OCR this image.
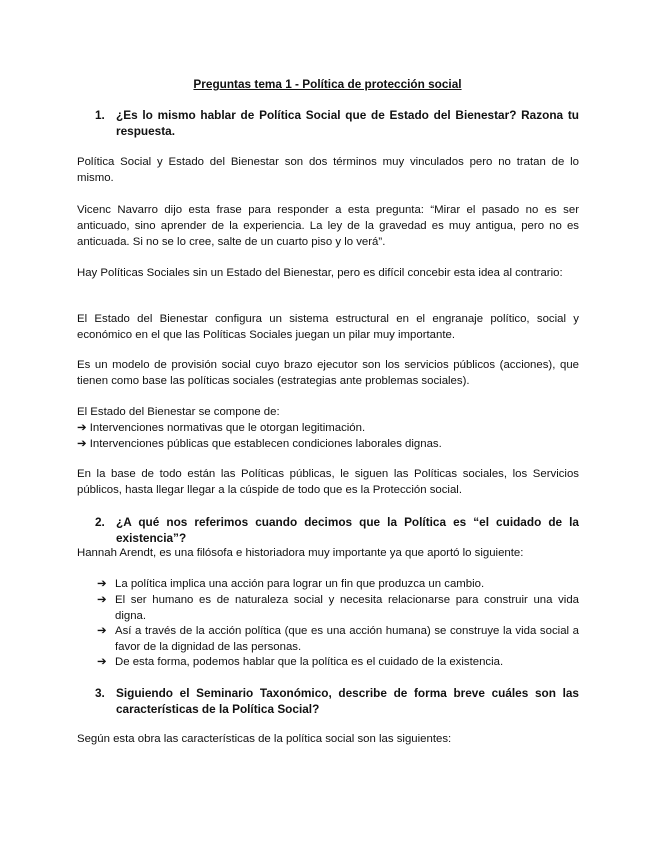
Preguntas tema 1 - Política de protección social
1. ¿Es lo mismo hablar de Política Social que de Estado del Bienestar? Razona tu respuesta.
Política Social y Estado del Bienestar son dos términos muy vinculados pero no tratan de lo mismo.
Vicenc Navarro dijo esta frase para responder a esta pregunta: “Mirar el pasado no es ser anticuado, sino aprender de la experiencia. La ley de la gravedad es muy antigua, pero no es anticuada. Si no se lo cree, salte de un cuarto piso y lo verá”.
Hay Políticas Sociales sin un Estado del Bienestar, pero es difícil concebir esta idea al contrario:
El Estado del Bienestar configura un sistema estructural en el engranaje político, social y económico en el que las Políticas Sociales juegan un pilar muy importante.
Es un modelo de provisión social cuyo brazo ejecutor son los servicios públicos (acciones), que tienen como base las políticas sociales (estrategias ante problemas sociales).
El Estado del Bienestar se compone de:
➔ Intervenciones normativas que le otorgan legitimación.
➔ Intervenciones públicas que establecen condiciones laborales dignas.
En la base de todo están las Políticas públicas, le siguen las Políticas sociales, los Servicios públicos, hasta llegar llegar a la cúspide de todo que es la Protección social.
2. ¿A qué nos referimos cuando decimos que la Política es “el cuidado de la existencia”?
Hannah Arendt, es una filósofa e historiadora muy importante ya que aportó lo siguiente:
➔ La política implica una acción para lograr un fin que produzca un cambio.
➔ El ser humano es de naturaleza social y necesita relacionarse para construir una vida digna.
➔ Así a través de la acción política (que es una acción humana) se construye la vida social a favor de la dignidad de las personas.
➔ De esta forma, podemos hablar que la política es el cuidado de la existencia.
3. Siguiendo el Seminario Taxonómico, describe de forma breve cuáles son las características de la Política Social?
Según esta obra las características de la política social son las siguientes:
